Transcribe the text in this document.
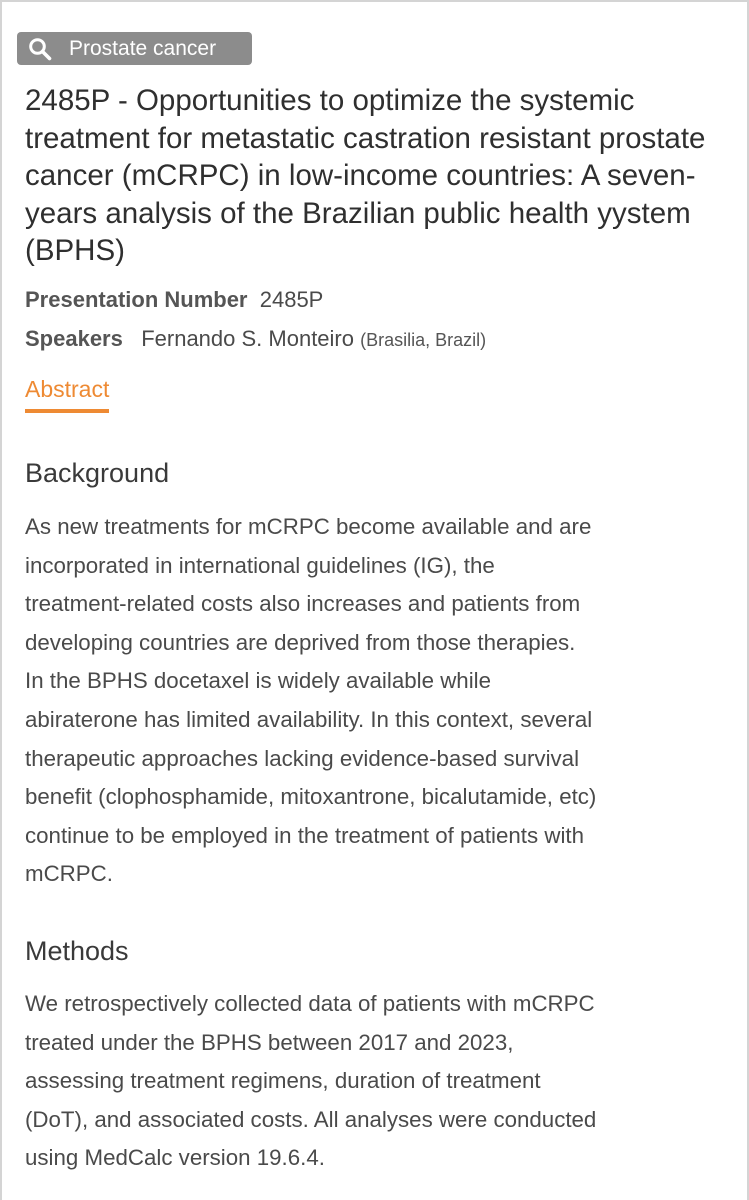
Prostate cancer
2485P - Opportunities to optimize the systemic treatment for metastatic castration resistant prostate cancer (mCRPC) in low-income countries: A seven-years analysis of the Brazilian public health yystem (BPHS)
Presentation Number 2485P
Speakers Fernando S. Monteiro (Brasilia, Brazil)
Abstract
Background

As new treatments for mCRPC become available and are
incorporated in international guidelines (IG), the
treatment-related costs also increases and patients from
developing countries are deprived from those therapies.
In the BPHS docetaxel is widely available while
abiraterone has limited availability. In this context, several
therapeutic approaches lacking evidence-based survival
benefit (clophosphamide, mitoxantrone, bicalutamide, etc)
continue to be employed in the treatment of patients with
mCRPC.

Methods

We retrospectively collected data of patients with mCRPC
treated under the BPHS between 2017 and 2023,
assessing treatment regimens, duration of treatment
(DoT), and associated costs. All analyses were conducted
using MedCalc version 19.6.4.
